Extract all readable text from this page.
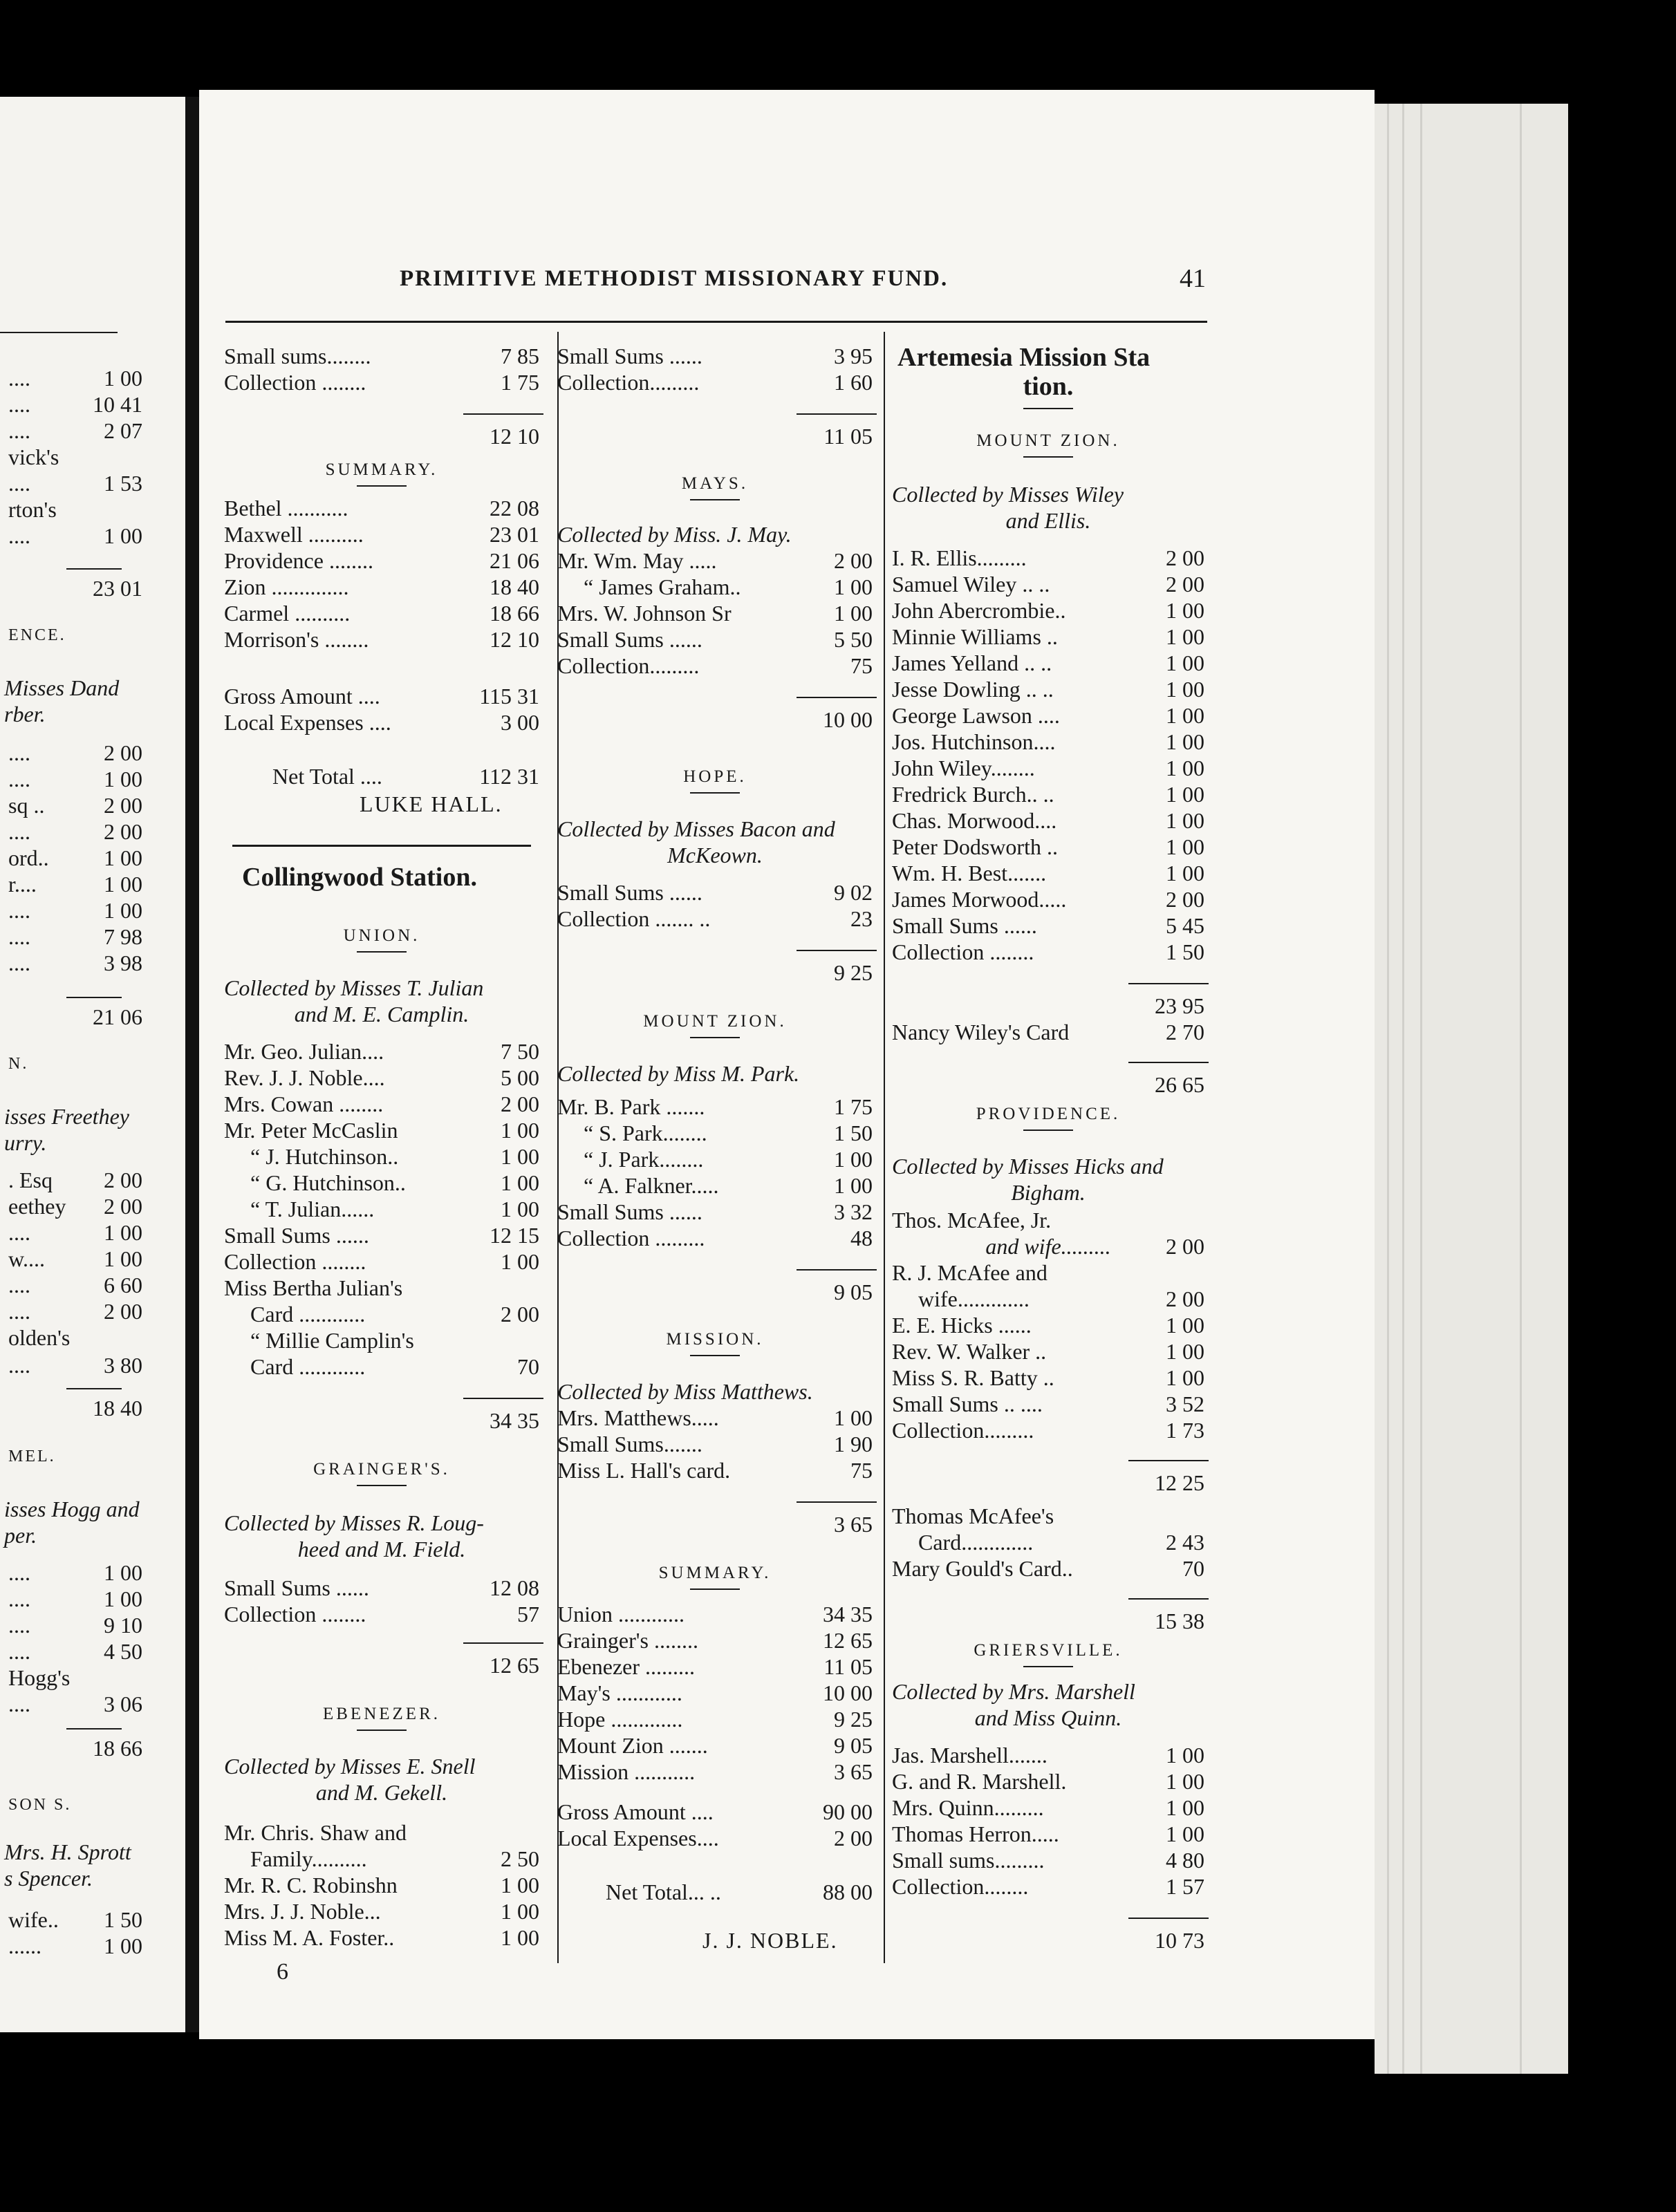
PRIMITIVE METHODIST MISSIONARY FUND.	41
....	1 00
....	10 41
....	2 07
vick's
....	1 53
rton's
....	1 00
23 01
ENCE.
Misses Dand
rber.
....	2 00
....	1 00
sq ..	2 00
....	2 00
ord..	1 00
r....	1 00
....	1 00
....	7 98
....	3 98
21 06
N.
isses Freethey
urry.
. Esq	2 00
eethey	2 00
....	1 00
w....	1 00
....	6 60
....	2 00
olden's
....	3 80
18 40
MEL.
isses Hogg and
per.
....	1 00
....	1 00
....	9 10
....	4 50
Hogg's
....	3 06
18 66
SON S.
Mrs. H. Sprott
s Spencer.
wife..	1 50
......	1 00
Small sums........	7 85
Collection ........	1 75
12 10
SUMMARY.
Bethel ...........	22 08
Maxwell ..........	23 01
Providence ........	21 06
Zion ..............	18 40
Carmel ..........	18 66
Morrison's ........	12 10
Gross Amount ....	115 31
Local Expenses ....	3 00
Net Total ....	112 31
LUKE HALL.
Collingwood Station.
UNION.
Collected by Misses T. Julian
and M. E. Camplin.
Mr. Geo. Julian....	7 50
Rev. J. J. Noble....	5 00
Mrs. Cowan ........	2 00
Mr. Peter McCaslin	1 00
“ J. Hutchinson..	1 00
“ G. Hutchinson..	1 00
“ T. Julian......	1 00
Small Sums ......	12 15
Collection ........	1 00
Miss Bertha Julian's
Card ............	2 00
“ Millie Camplin's
Card ............	70
34 35
GRAINGER'S.
Collected by Misses R. Loug-
heed and M. Field.
Small Sums ......	12 08
Collection ........	57
12 65
EBENEZER.
Collected by Misses E. Snell
and M. Gekell.
Mr. Chris. Shaw and
Family..........	2 50
Mr. R. C. Robinshn	1 00
Mrs. J. J. Noble...	1 00
Miss M. A. Foster..	1 00
6
Small Sums ......	3 95
Collection.........	1 60
11 05
MAYS.
Collected by Miss. J. May.
Mr. Wm. May .....	2 00
“ James Graham..	1 00
Mrs. W. Johnson Sr	1 00
Small Sums ......	5 50
Collection.........	75
10 00
HOPE.
Collected by Misses Bacon and
McKeown.
Small Sums ......	9 02
Collection ....... ..	23
9 25
MOUNT ZION.
Collected by Miss M. Park.
Mr. B. Park .......	1 75
“ S. Park........	1 50
“ J. Park........	1 00
“ A. Falkner.....	1 00
Small Sums ......	3 32
Collection .........	48
9 05
MISSION.
Collected by Miss Matthews.
Mrs. Matthews.....	1 00
Small Sums.......	1 90
Miss L. Hall's card.	75
3 65
SUMMARY.
Union ............	34 35
Grainger's ........	12 65
Ebenezer .........	11 05
May's ............	10 00
Hope .............	9 25
Mount Zion .......	9 05
Mission ...........	3 65
Gross Amount ....	90 00
Local Expenses....	2 00
Net Total... ..	88 00
J. J. NOBLE.
Artemesia Mission Sta
tion.
MOUNT ZION.
Collected by Misses Wiley
and Ellis.
I. R. Ellis.........	2 00
Samuel Wiley .. ..	2 00
John Abercrombie..	1 00
Minnie Williams ..	1 00
James Yelland .. ..	1 00
Jesse Dowling .. ..	1 00
George Lawson ....	1 00
Jos. Hutchinson....	1 00
John Wiley........	1 00
Fredrick Burch.. ..	1 00
Chas. Morwood....	1 00
Peter Dodsworth ..	1 00
Wm. H. Best.......	1 00
James Morwood.....	2 00
Small Sums ......	5 45
Collection ........	1 50
23 95
Nancy Wiley's Card	2 70
26 65
PROVIDENCE.
Collected by Misses Hicks and
Bigham.
Thos. McAfee, Jr.
and wife.........	2 00
R. J. McAfee and
wife.............	2 00
E. E. Hicks ......	1 00
Rev. W. Walker ..	1 00
Miss S. R. Batty ..	1 00
Small Sums .. ....	3 52
Collection.........	1 73
12 25
Thomas McAfee's
Card.............	2 43
Mary Gould's Card..	70
15 38
GRIERSVILLE.
Collected by Mrs. Marshell
and Miss Quinn.
Jas. Marshell.......	1 00
G. and R. Marshell.	1 00
Mrs. Quinn.........	1 00
Thomas Herron.....	1 00
Small sums.........	4 80
Collection........	1 57
10 73
